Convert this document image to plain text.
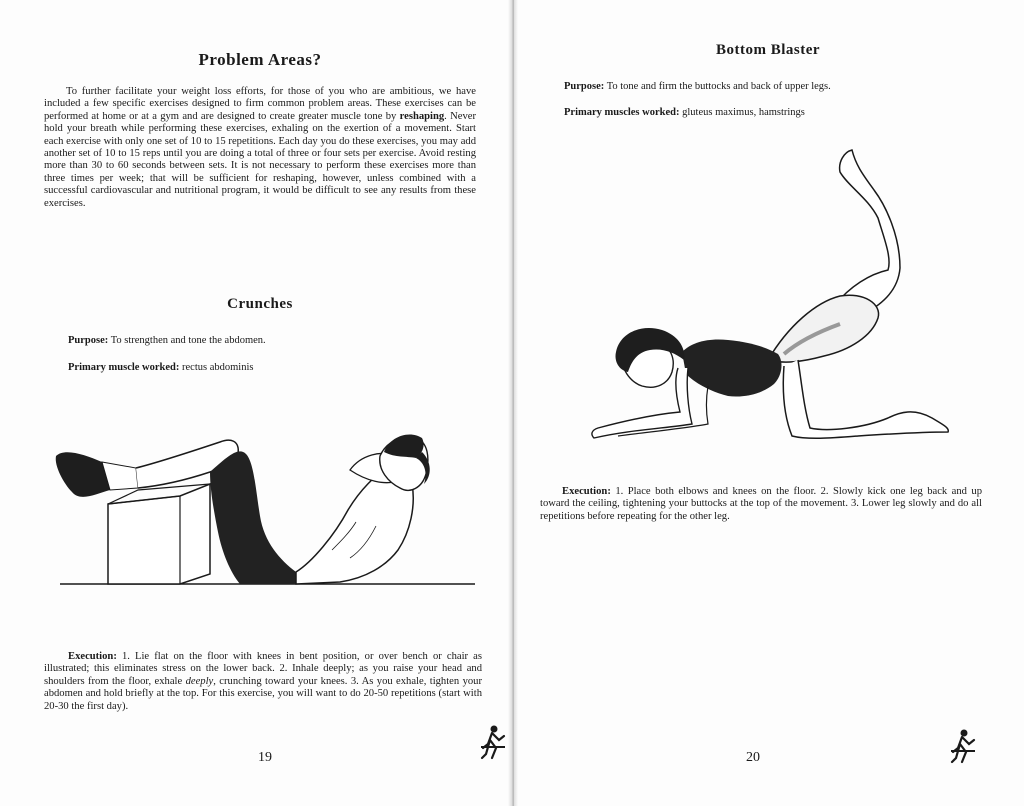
Problem Areas?
To further facilitate your weight loss efforts, for those of you who are ambitious, we have included a few specific exercises designed to firm common problem areas. These exercises can be performed at home or at a gym and are designed to create greater muscle tone by reshaping. Never hold your breath while performing these exercises, exhaling on the exertion of a movement. Start each exercise with only one set of 10 to 15 repetitions. Each day you do these exercises, you may add another set of 10 to 15 reps until you are doing a total of three or four sets per exercise. Avoid resting more than 30 to 60 seconds between sets. It is not necessary to perform these exercises more than three times per week; that will be sufficient for reshaping, however, unless combined with a successful cardiovascular and nutritional program, it would be difficult to see any results from these exercises.
Crunches
Purpose: To strengthen and tone the abdomen.
Primary muscle worked: rectus abdominis
Execution: 1. Lie flat on the floor with knees in bent position, or over bench or chair as illustrated; this eliminates stress on the lower back. 2. Inhale deeply; as you raise your head and shoulders from the floor, exhale deeply, crunching toward your knees. 3. As you exhale, tighten your abdomen and hold briefly at the top. For this exercise, you will want to do 20-50 repetitions (start with 20-30 the first day).
19
Bottom Blaster
Purpose: To tone and firm the buttocks and back of upper legs.
Primary muscles worked: gluteus maximus, hamstrings
Execution: 1. Place both elbows and knees on the floor. 2. Slowly kick one leg back and up toward the ceiling, tightening your buttocks at the top of the movement. 3. Lower leg slowly and do all repetitions before repeating for the other leg.
20
